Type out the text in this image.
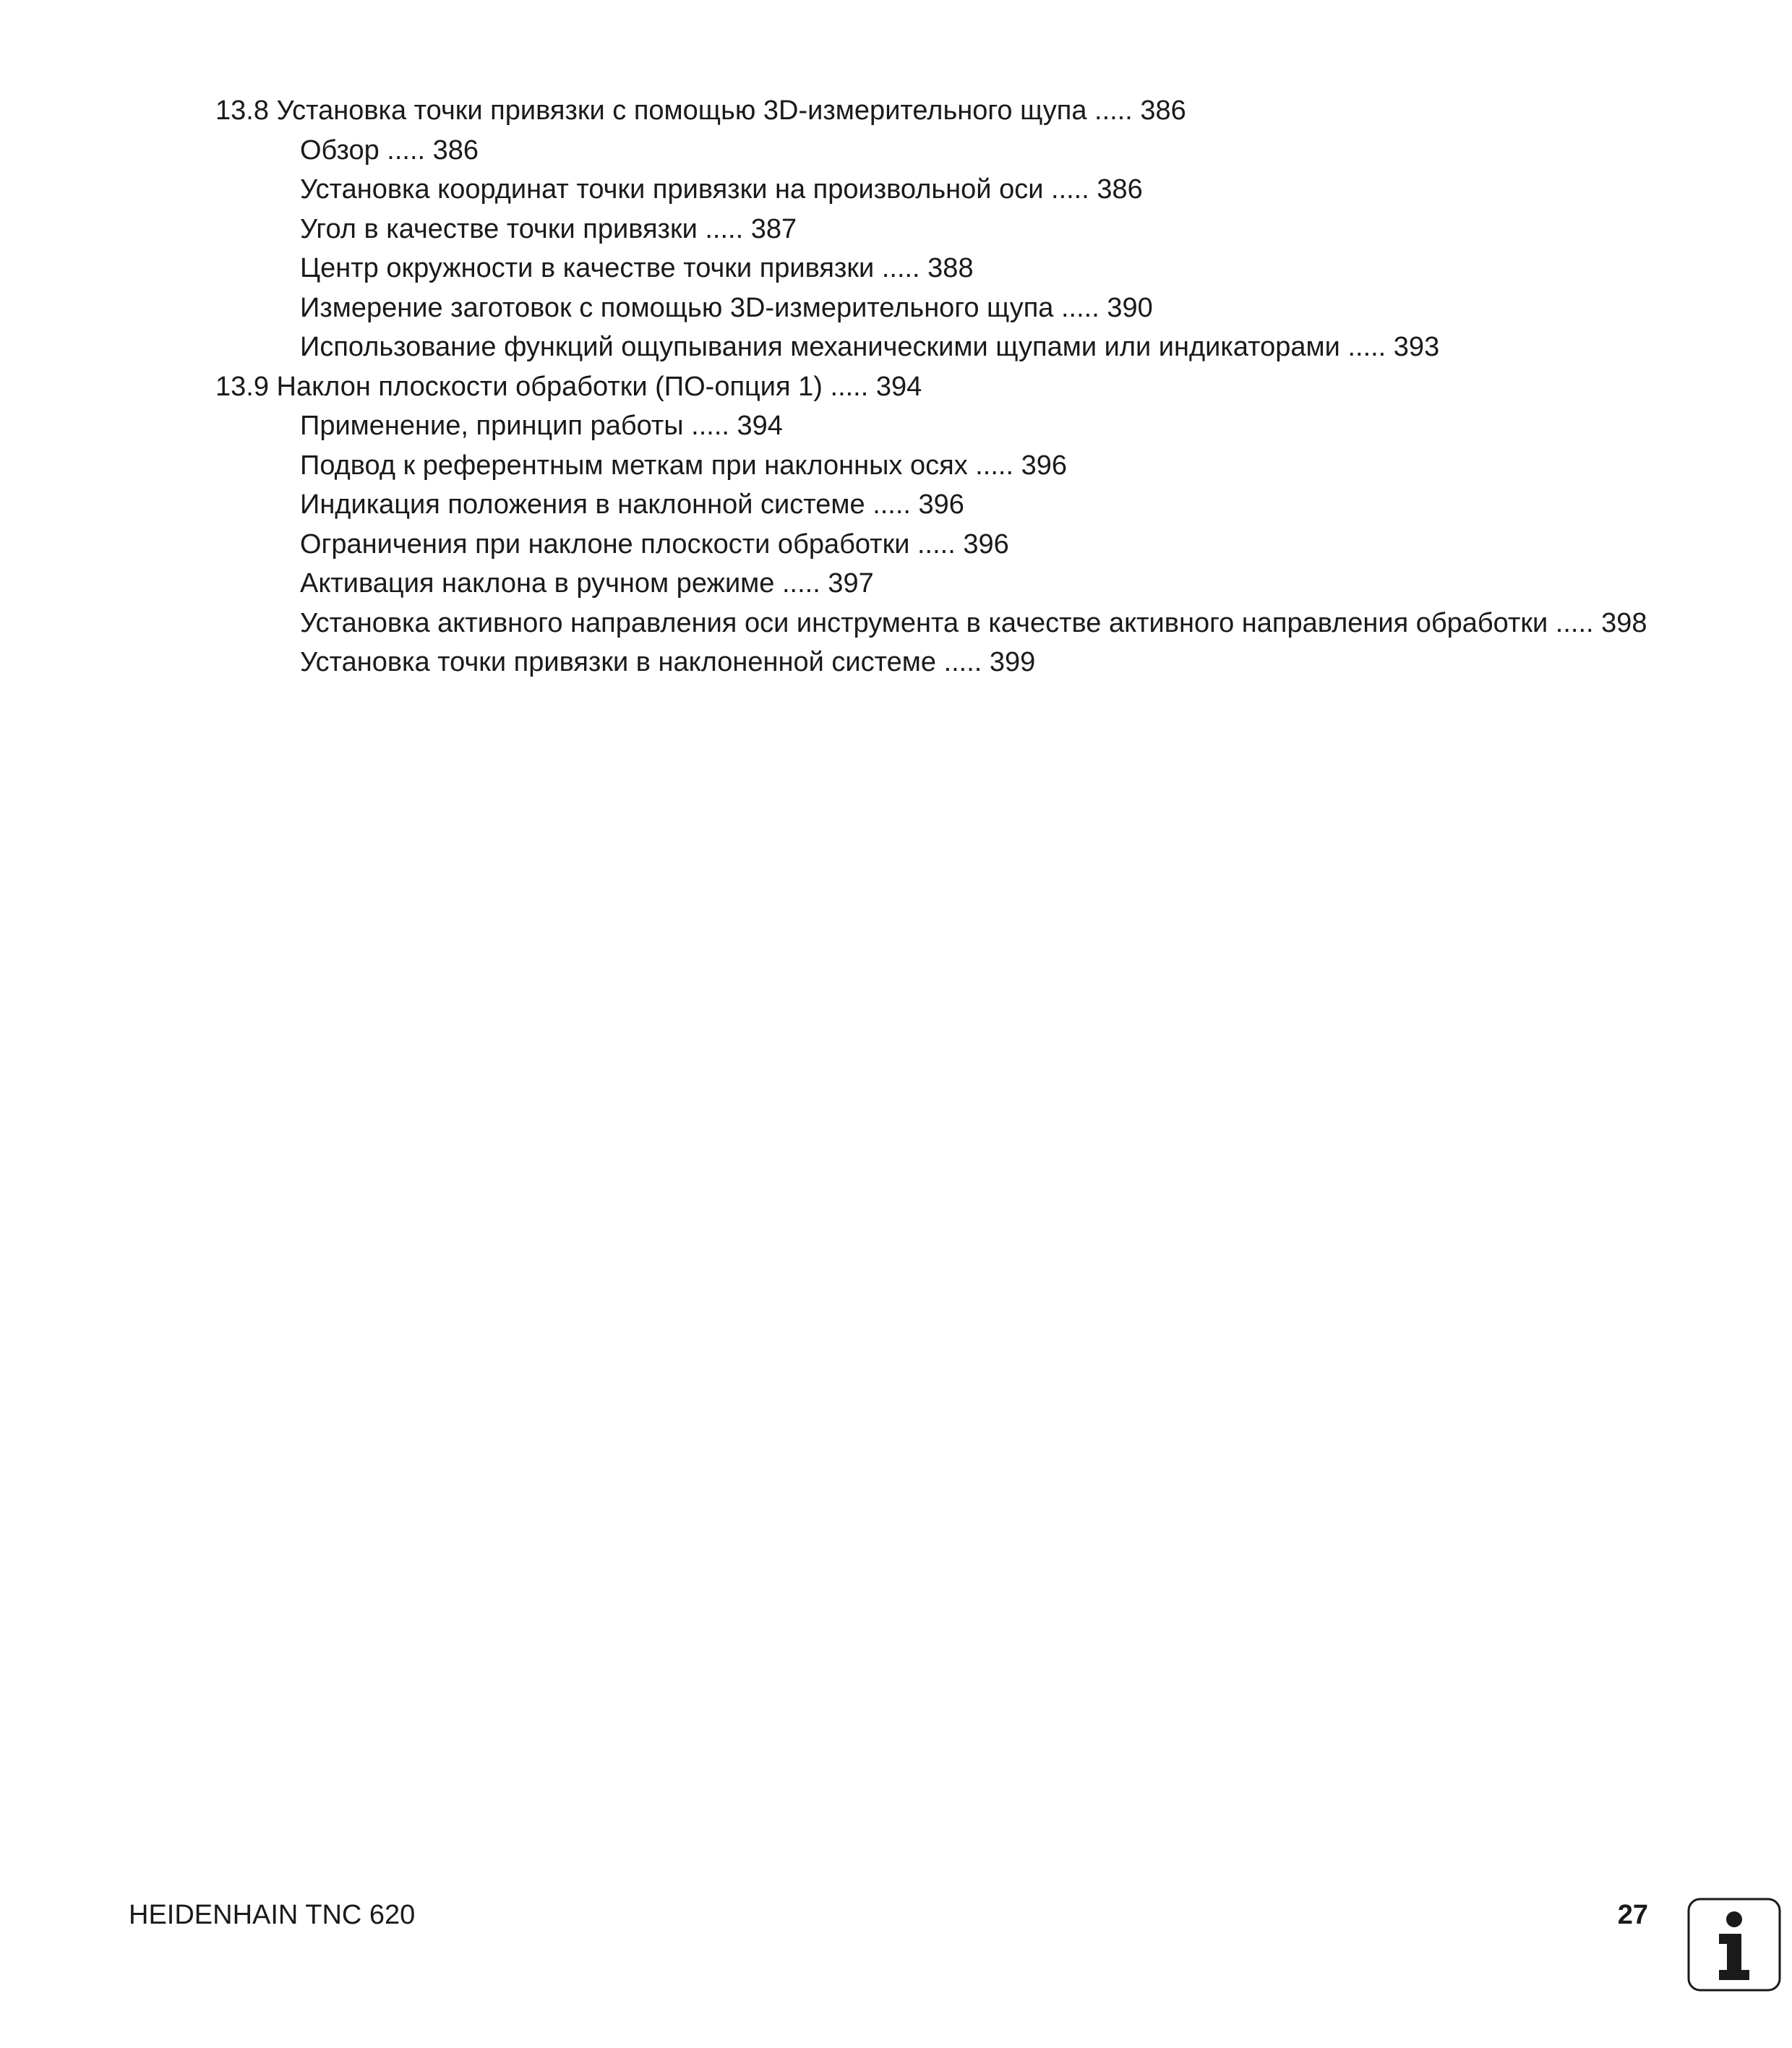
13.8 Установка точки привязки с помощью 3D-измерительного щупа ..... 386
Обзор ..... 386
Установка координат точки привязки на произвольной оси ..... 386
Угол в качестве точки привязки ..... 387
Центр окружности в качестве точки привязки ..... 388
Измерение заготовок с помощью 3D-измерительного щупа ..... 390
Использование функций ощупывания механическими щупами или индикаторами ..... 393
13.9 Наклон плоскости обработки (ПО-опция 1) ..... 394
Применение, принцип работы ..... 394
Подвод к референтным меткам при наклонных осях ..... 396
Индикация положения в наклонной системе ..... 396
Ограничения при наклоне плоскости обработки ..... 396
Активация наклона в ручном режиме ..... 397
Установка активного направления оси инструмента в качестве активного направления обработки ..... 398
Установка точки привязки в наклоненной системе ..... 399
HEIDENHAIN TNC 620	27
